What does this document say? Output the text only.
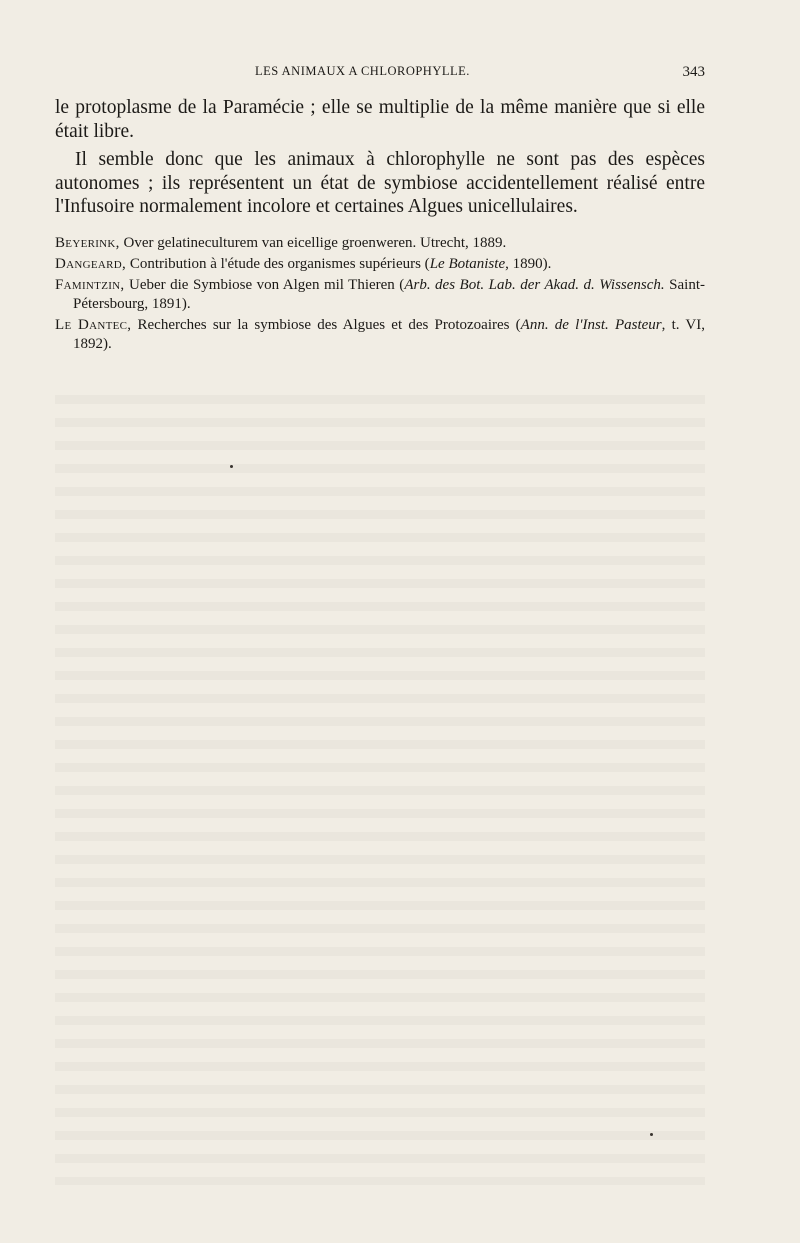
LES ANIMAUX A CHLOROPHYLLE.	343

le protoplasme de la Paramécie ; elle se multiplie de la même manière que si elle était libre.

Il semble donc que les animaux à chlorophylle ne sont pas des espèces autonomes ; ils représentent un état de symbiose accidentellement réalisé entre l'Infusoire normalement incolore et certaines Algues unicellulaires.

Beyerink, Over gelatineculturem van eicellige groenweren. Utrecht, 1889.

Dangeard, Contribution à l'étude des organismes supérieurs (Le Botaniste, 1890).

Famintzin, Ueber die Symbiose von Algen mil Thieren (Arb. des Bot. Lab. der Akad. d. Wissensch. Saint-Pétersbourg, 1891).

Le Dantec, Recherches sur la symbiose des Algues et des Protozoaires (Ann. de l'Inst. Pasteur, t. VI, 1892).
